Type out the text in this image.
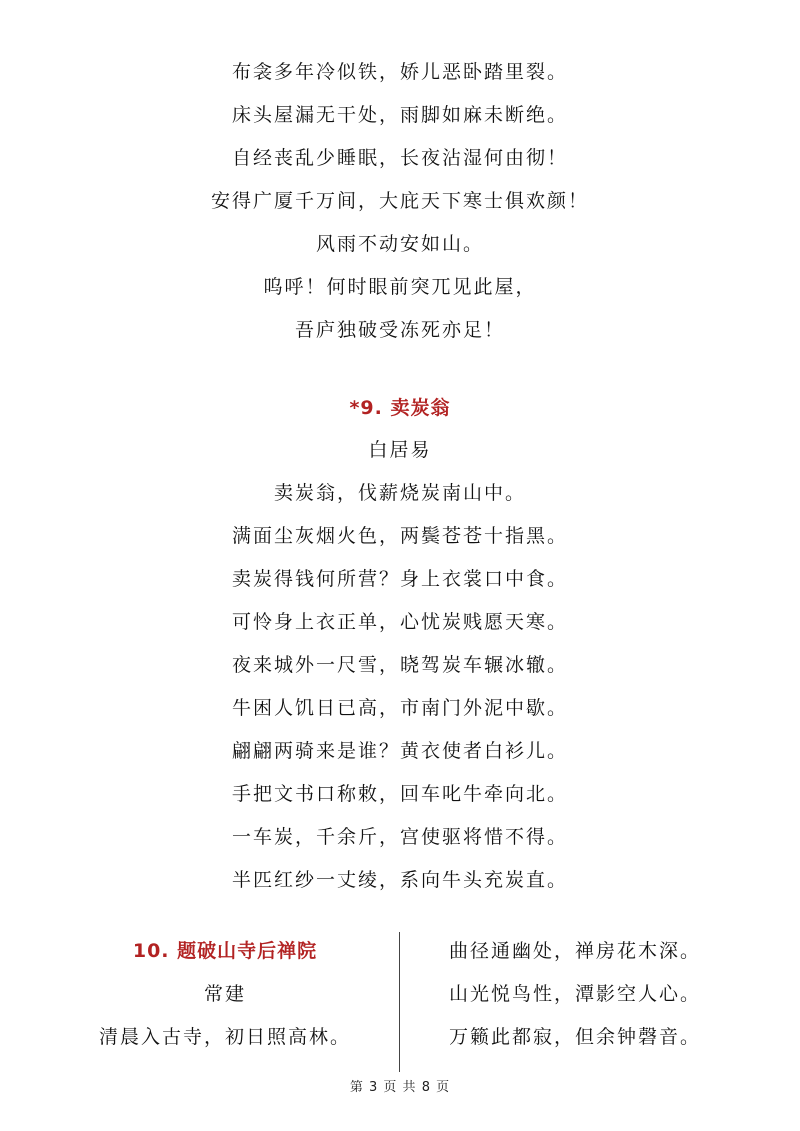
布衾多年冷似铁，娇儿恶卧踏里裂。
床头屋漏无干处，雨脚如麻未断绝。
自经丧乱少睡眠，长夜沾湿何由彻！
安得广厦千万间，大庇天下寒士俱欢颜！
风雨不动安如山。
呜呼！何时眼前突兀见此屋，
吾庐独破受冻死亦足！
*9. 卖炭翁
白居易
卖炭翁，伐薪烧炭南山中。
满面尘灰烟火色，两鬓苍苍十指黑。
卖炭得钱何所营？身上衣裳口中食。
可怜身上衣正单，心忧炭贱愿天寒。
夜来城外一尺雪，晓驾炭车辗冰辙。
牛困人饥日已高，市南门外泥中歇。
翩翩两骑来是谁？黄衣使者白衫儿。
手把文书口称敕，回车叱牛牵向北。
一车炭，千余斤，宫使驱将惜不得。
半匹红纱一丈绫，系向牛头充炭直。
10. 题破山寺后禅院
常建
清晨入古寺，初日照高林。
曲径通幽处，禅房花木深。
山光悦鸟性，潭影空人心。
万籁此都寂，但余钟磬音。
第 3 页 共 8 页
